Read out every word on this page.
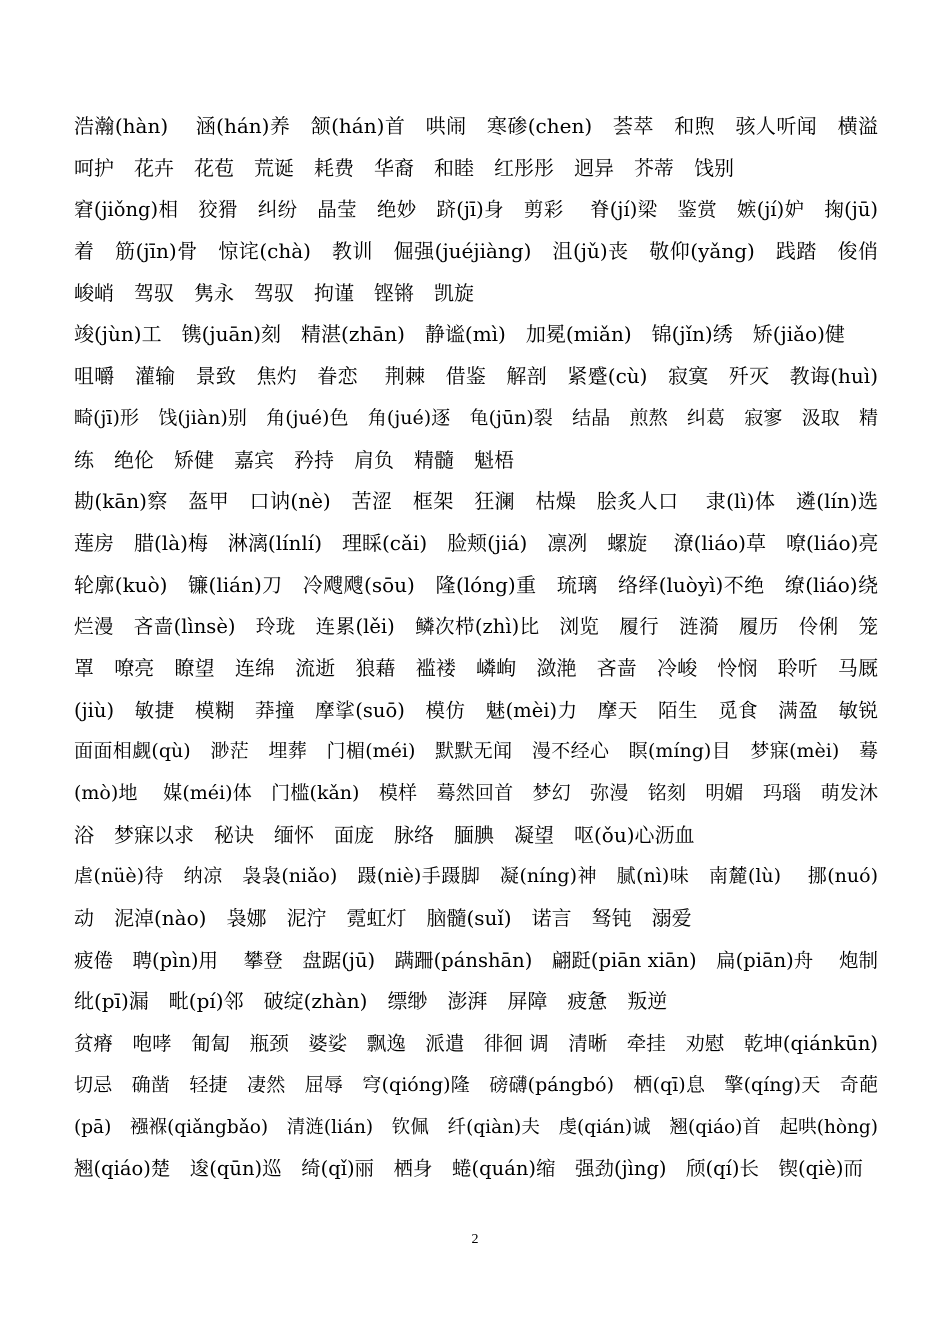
浩瀚(hàn)　 涵(hán)养　颔(hán)首　哄闹　寒碜(chen)　荟萃　和煦　骇人听闻　横溢
呵护　花卉　花苞　荒诞　耗费　华裔　和睦　红彤彤　迥异　芥蒂　饯别
窘(jiǒng)相　狡猾　纠纷　晶莹　绝妙　跻(jī)身　剪彩　 脊(jí)梁　鉴赏　嫉(jí)妒　掬(jū)
着　筋(jīn)骨　惊诧(chà)　教训　倔强(juéjiàng)　沮(jǔ)丧　敬仰(yǎng)　践踏　俊俏
峻峭　驾驭　隽永　驾驭　拘谨　铿锵　凯旋
竣(jùn)工　镌(juān)刻　精湛(zhān)　静谧(mì)　加冕(miǎn)　锦(jǐn)绣　矫(jiǎo)健
咀嚼　灌输　景致　焦灼　眷恋　 荆棘　借鉴　解剖　紧蹙(cù)　寂寞　歼灭　教诲(huì)
畸(jī)形　饯(jiàn)别　角(jué)色　角(jué)逐　龟(jūn)裂　结晶　煎熬　纠葛　寂寥　汲取　精
练　绝伦　矫健　嘉宾　矜持　肩负　精髓　魁梧
勘(kān)察　盔甲　口讷(nè)　苦涩　框架　狂澜　枯燥　脍炙人口　 隶(lì)体　遴(lín)选
莲房　腊(là)梅　淋漓(línlí)　理睬(cǎi)　脸颊(jiá)　凛冽　螺旋　 潦(liáo)草　嘹(liáo)亮
轮廓(kuò)　镰(lián)刀　冷飕飕(sōu)　隆(lóng)重　琉璃　络绎(luòyì)不绝　缭(liáo)绕
烂漫　吝啬(lìnsè)　玲珑　连累(lěi)　鳞次栉(zhì)比　浏览　履行　涟漪　履历　伶俐　笼
罩　嘹亮　瞭望　连绵　流逝　狼藉　褴褛　嶙峋　潋滟　吝啬　冷峻　怜悯　聆听　马厩
(jiù)　敏捷　模糊　莽撞　摩挲(suō)　模仿　魅(mèi)力　摩天　陌生　觅食　满盈　敏锐
面面相觑(qù)　渺茫　埋葬　门楣(méi)　默默无闻　漫不经心　瞑(míng)目　梦寐(mèi)　蓦
(mò)地　 媒(méi)体　门槛(kǎn)　模样　蓦然回首　梦幻　弥漫　铭刻　明媚　玛瑙　萌发沐
浴　梦寐以求　秘诀　缅怀　面庞　脉络　腼腆　凝望　呕(ǒu)心沥血
虐(nüè)待　纳凉　袅袅(niǎo)　蹑(niè)手蹑脚　凝(níng)神　腻(nì)味　南麓(lù)　 挪(nuó)
动　泥淖(nào)　袅娜　泥泞　霓虹灯　脑髓(suǐ)　诺言　驽钝　溺爱
疲倦　聘(pìn)用　 攀登　盘踞(jū)　蹒跚(pánshān)　翩跹(piān xiān)　扁(piān)舟　 炮制
纰(pī)漏　毗(pí)邻　破绽(zhàn)　缥缈　澎湃　屏障　疲惫　叛逆
贫瘠　咆哮　匍匐　瓶颈　婆娑　飘逸　派遣　徘徊 调　清晰　牵挂　劝慰　乾坤(qiánkūn)
切忌　确凿　轻捷　凄然　屈辱　穹(qióng)隆　磅礴(pángbó)　栖(qī)息　擎(qíng)天　奇葩
(pā)　襁褓(qiǎngbǎo)　清涟(lián)　钦佩　纤(qiàn)夫　虔(qián)诚　翘(qiáo)首　起哄(hòng)
翘(qiáo)楚　逡(qūn)巡　绮(qǐ)丽　栖身　蜷(quán)缩　强劲(jìng)　颀(qí)长　锲(qiè)而
2
